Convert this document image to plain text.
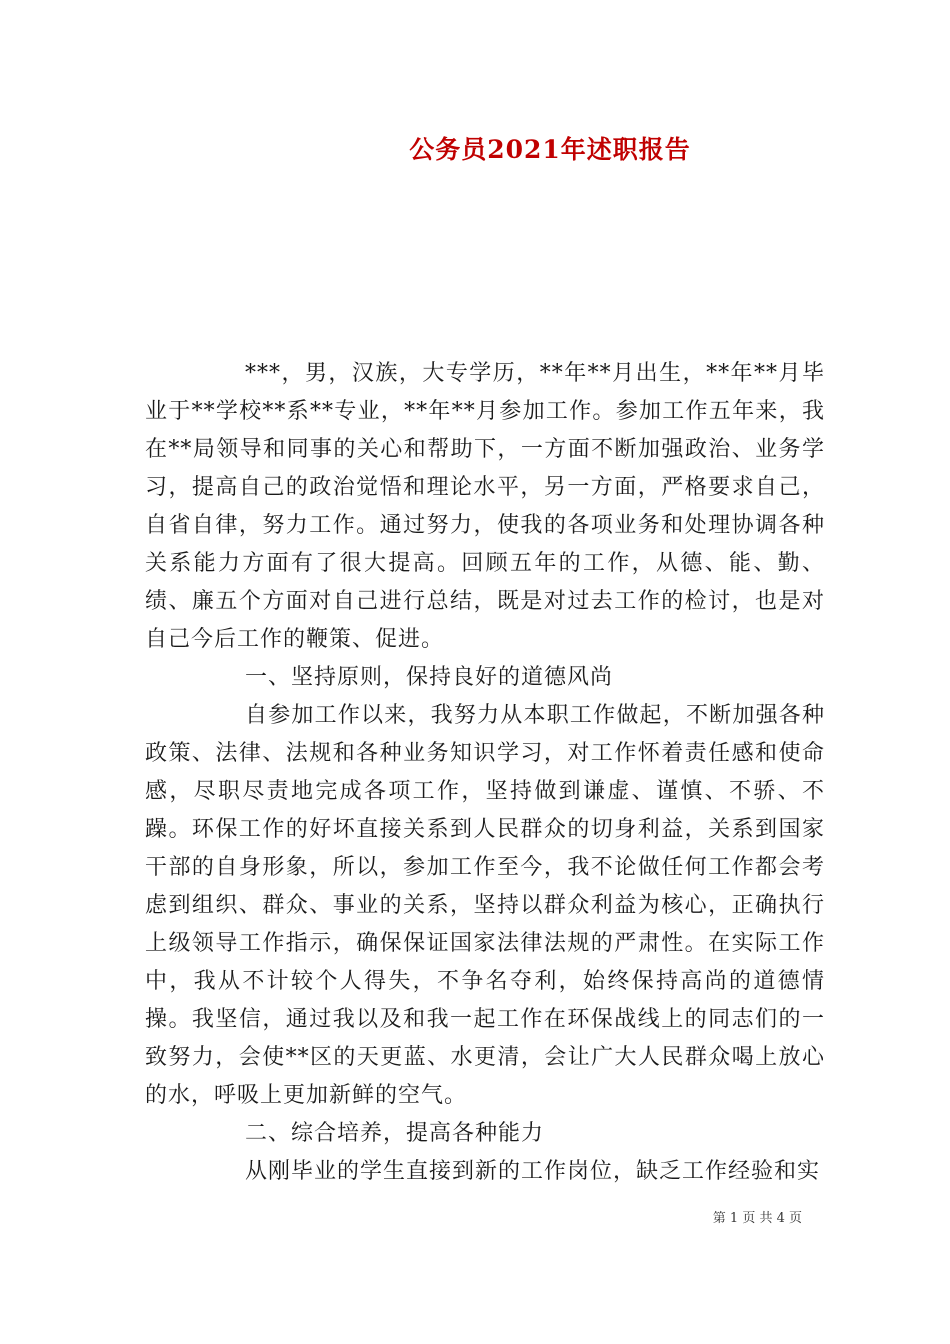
公务员2021年述职报告

***，男，汉族，大专学历，**年**月出生，**年**月毕业于**学校**系**专业，**年**月参加工作。参加工作五年来，我在**局领导和同事的关心和帮助下，一方面不断加强政治、业务学习，提高自己的政治觉悟和理论水平，另一方面，严格要求自己，自省自律，努力工作。通过努力，使我的各项业务和处理协调各种关系能力方面有了很大提高。回顾五年的工作，从德、能、勤、绩、廉五个方面对自己进行总结，既是对过去工作的检讨，也是对自己今后工作的鞭策、促进。

一、坚持原则，保持良好的道德风尚

自参加工作以来，我努力从本职工作做起，不断加强各种政策、法律、法规和各种业务知识学习，对工作怀着责任感和使命感，尽职尽责地完成各项工作，坚持做到谦虚、谨慎、不骄、不躁。环保工作的好坏直接关系到人民群众的切身利益，关系到国家干部的自身形象，所以，参加工作至今，我不论做任何工作都会考虑到组织、群众、事业的关系，坚持以群众利益为核心，正确执行上级领导工作指示，确保保证国家法律法规的严肃性。在实际工作中，我从不计较个人得失，不争名夺利，始终保持高尚的道德情操。我坚信，通过我以及和我一起工作在环保战线上的同志们的一致努力，会使**区的天更蓝、水更清，会让广大人民群众喝上放心的水，呼吸上更加新鲜的空气。

二、综合培养，提高各种能力

从刚毕业的学生直接到新的工作岗位，缺乏工作经验和实

第 1 页 共 4 页
